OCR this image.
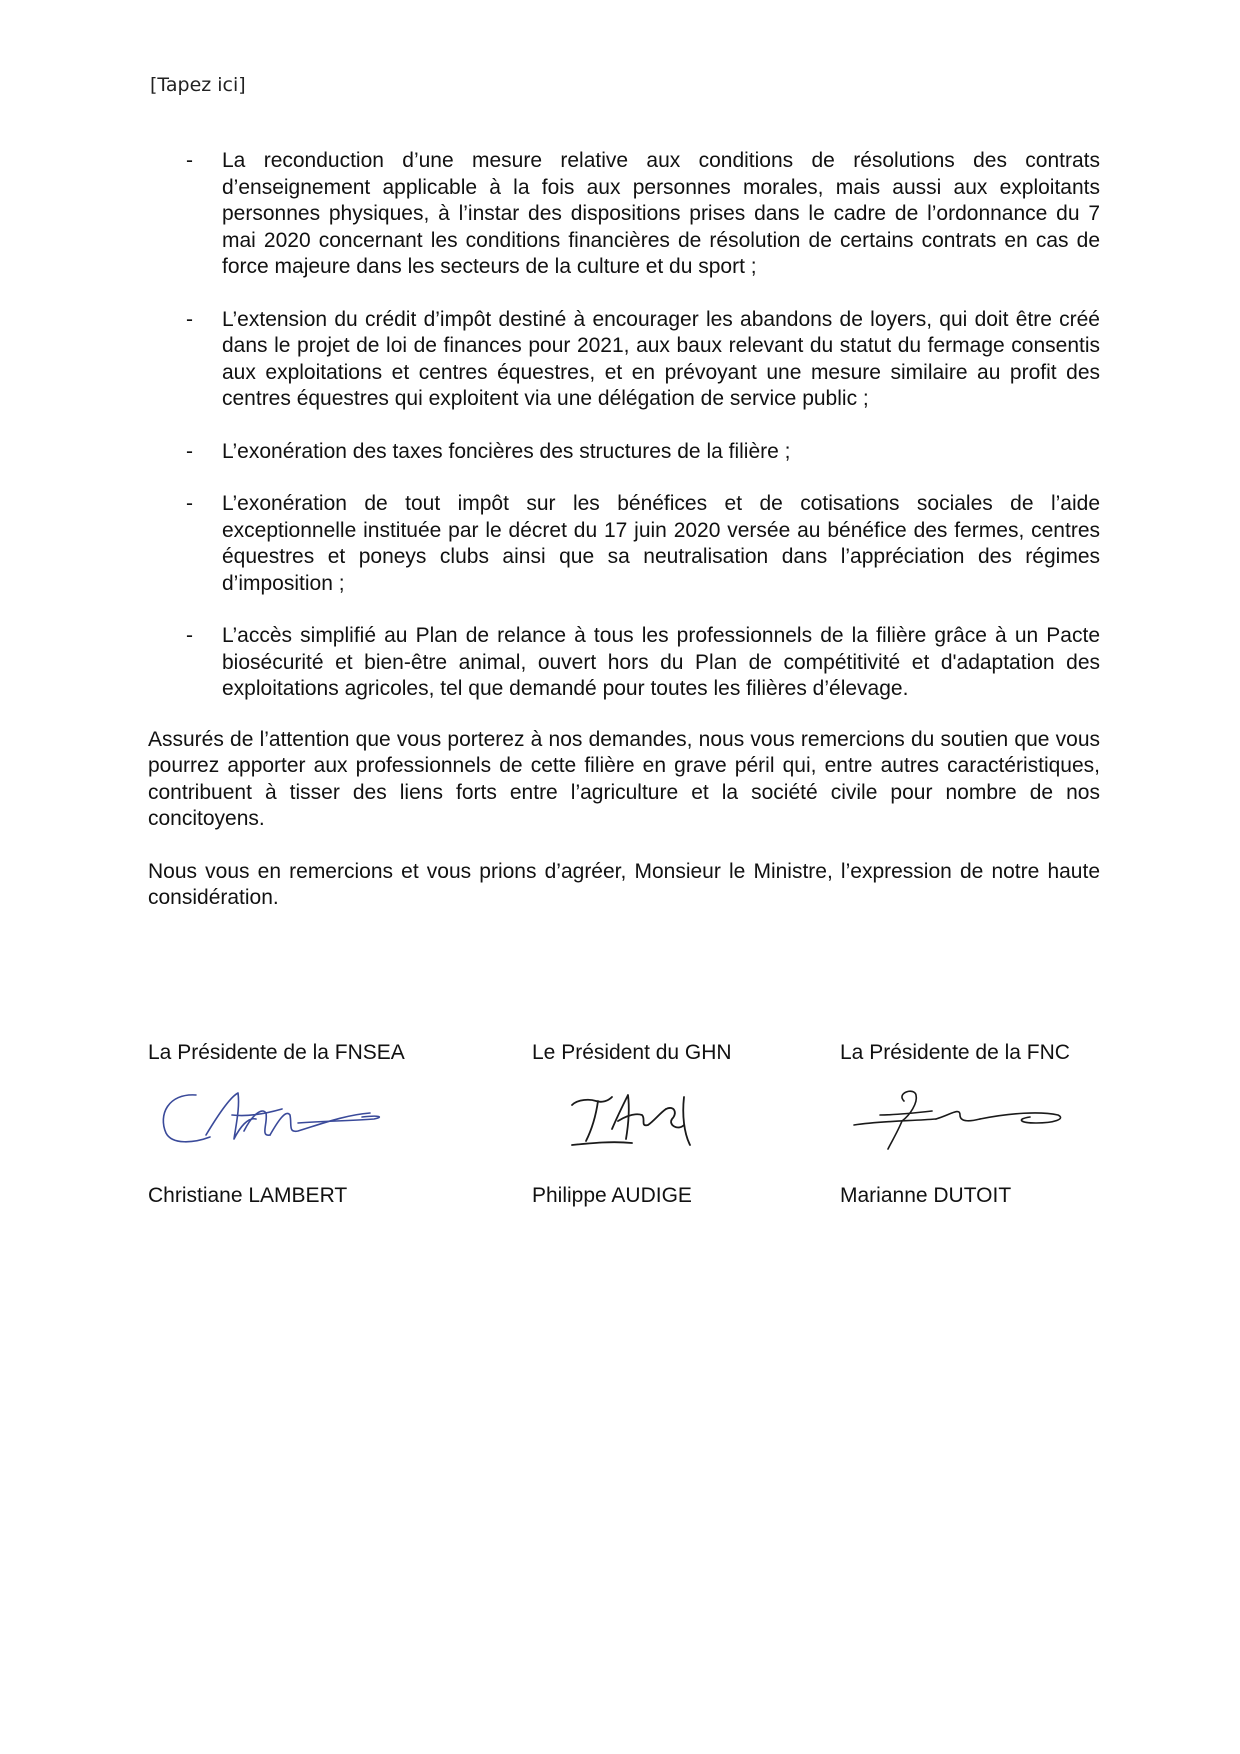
[Tapez ici]
- La reconduction d’une mesure relative aux conditions de résolutions des contrats d’enseignement applicable à la fois aux personnes morales, mais aussi aux exploitants personnes physiques, à l’instar des dispositions prises dans le cadre de l’ordonnance du 7 mai 2020 concernant les conditions financières de résolution de certains contrats en cas de force majeure dans les secteurs de la culture et du sport ;
- L’extension du crédit d’impôt destiné à encourager les abandons de loyers, qui doit être créé dans le projet de loi de finances pour 2021, aux baux relevant du statut du fermage consentis aux exploitations et centres équestres, et en prévoyant une mesure similaire au profit des centres équestres qui exploitent via une délégation de service public ;
- L’exonération des taxes foncières des structures de la filière ;
- L’exonération de tout impôt sur les bénéfices et de cotisations sociales de l’aide exceptionnelle instituée par le décret du 17 juin 2020 versée au bénéfice des fermes, centres équestres et poneys clubs ainsi que sa neutralisation dans l’appréciation des régimes d’imposition ;
- L’accès simplifié au Plan de relance à tous les professionnels de la filière grâce à un Pacte biosécurité et bien-être animal, ouvert hors du Plan de compétitivité et d'adaptation des exploitations agricoles, tel que demandé pour toutes les filières d’élevage.

Assurés de l’attention que vous porterez à nos demandes, nous vous remercions du soutien que vous pourrez apporter aux professionnels de cette filière en grave péril qui, entre autres caractéristiques, contribuent à tisser des liens forts entre l’agriculture et la société civile pour nombre de nos concitoyens.

Nous vous en remercions et vous prions d’agréer, Monsieur le Ministre, l’expression de notre haute considération.

La Présidente de la FNSEA
Christiane LAMBERT
Le Président du GHN
Philippe AUDIGE
La Présidente de la FNC
Marianne DUTOIT
